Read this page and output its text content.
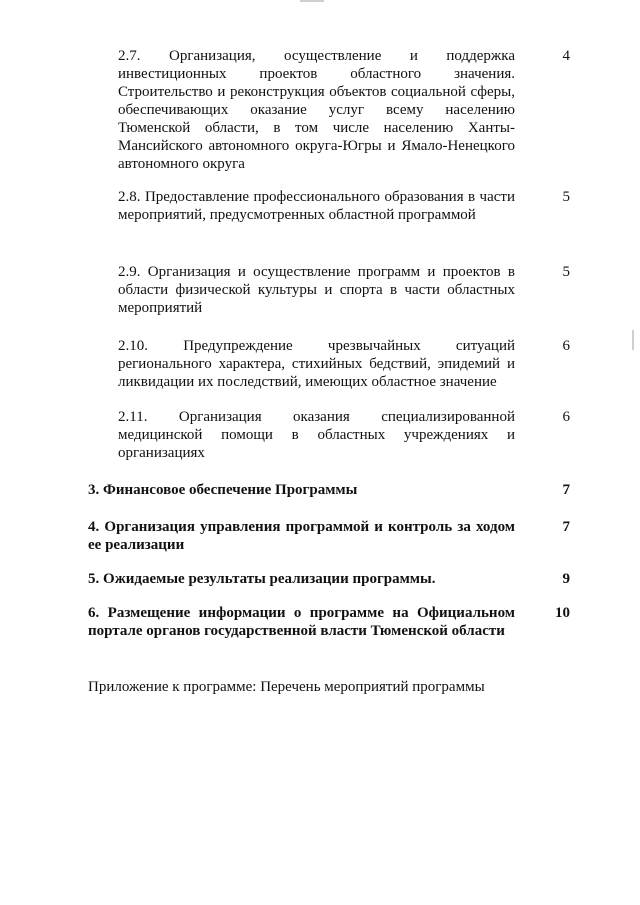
2.7. Организация, осуществление и поддержка инвестиционных проектов областного значения. Строительство и реконструкция объектов социальной сферы, обеспечивающих оказание услуг всему населению Тюменской области, в том числе населению Ханты-Мансийского автономного округа-Югры и Ямало-Ненецкого автономного округа
4
2.8. Предоставление профессионального образования в части мероприятий, предусмотренных областной программой
5
2.9. Организация и осуществление программ и проектов в области физической культуры и спорта в части областных мероприятий
5
2.10. Предупреждение чрезвычайных ситуаций регионального характера, стихийных бедствий, эпидемий и ликвидации их последствий, имеющих областное значение
6
2.11. Организация оказания специализированной медицинской помощи в областных учреждениях и организациях
6
3. Финансовое обеспечение Программы	7
4. Организация управления программой и контроль за ходом ее реализации
7
5. Ожидаемые результаты реализации программы.	9
6. Размещение информации о программе на Официальном портале органов государственной власти Тюменской области
10
Приложение к программе: Перечень мероприятий программы
